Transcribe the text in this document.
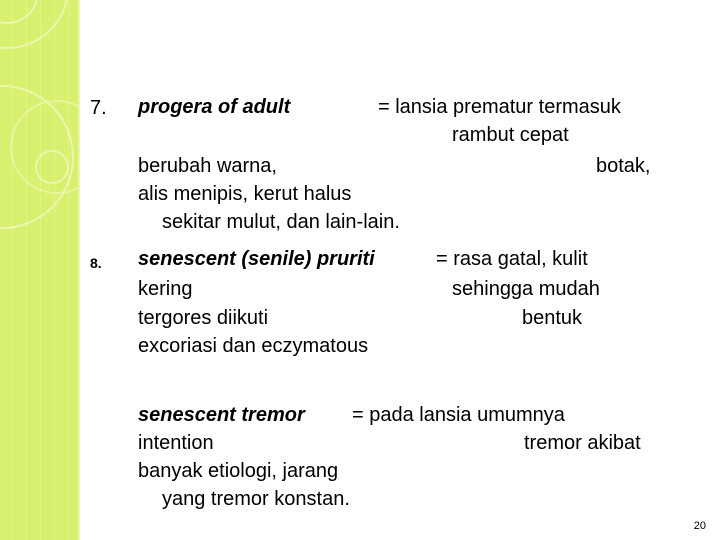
7. progera of adult	= lansia prematur termasuk
rambut cepat
berubah warna,	botak,
alis menipis, kerut halus
sekitar mulut, dan lain-lain.
8. senescent (senile) pruriti	= rasa gatal, kulit
kering	sehingga mudah
tergores diikuti	bentuk
excoriasi dan eczymatous
senescent tremor = pada lansia umumnya
intention	tremor akibat
banyak etiologi, jarang
yang tremor konstan.
20
